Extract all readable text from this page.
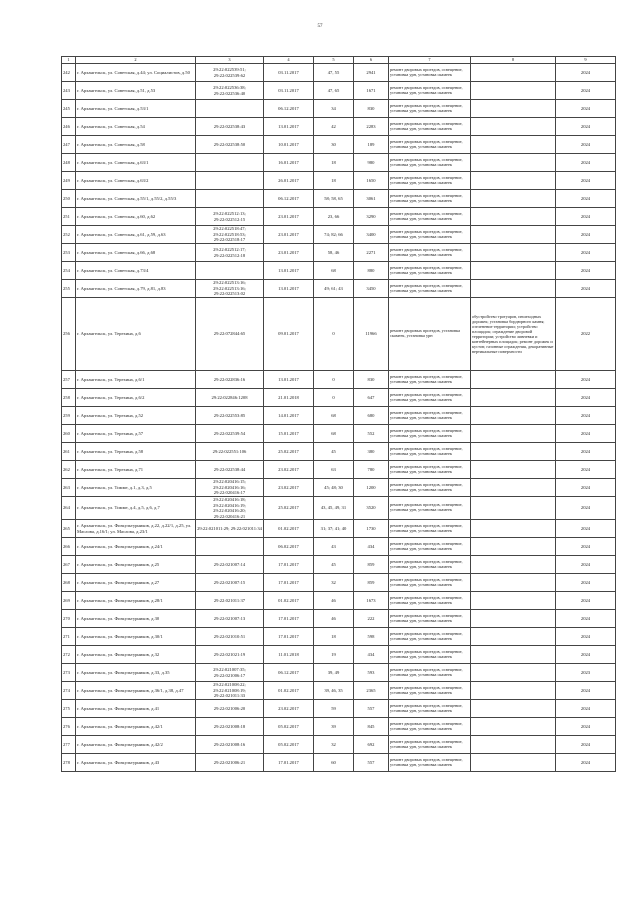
57
1	2	3	4	5	6	7	8	9
242	г. Архангельск, ул. Советская, д.44; ул. Социалистов, д.50	29:22:022539:51; 29:22:022539:62	03.11.2017	47, 55	2941	ремонт дворовых проездов, освещение, установка урн, установка скамеек		2024
243	г. Архангельск, ул. Советская, д.51, д.53	29:22:022536:38; 29:22:022536:40	03.11.2017	47, 65	1671	ремонт дворовых проездов, освещение, установка урн, установка скамеек		2024
245	г. Архангельск, ул. Советская, д.53/1		06.12.2017	34	830	ремонт дворовых проездов, освещение, установка урн, установка скамеек		2024
246	г. Архангельск, ул. Советская, д.54	29:22:022538:43	13.01.2017	42	2283	ремонт дворовых проездов, освещение, установка урн, установка скамеек		2024
247	г. Архангельск, ул. Советская, д.58	29:22:022538:50	10.01.2017	30	189	ремонт дворовых проездов, освещение, установка урн, установка скамеек		2024
248	г. Архангельск, ул. Советская, д.63/1		16.01.2017	18	980	ремонт дворовых проездов, освещение, установка урн, установка скамеек		2024
249	г. Архангельск, ул. Советская, д.63/2		26.01.2017	18	1650	ремонт дворовых проездов, освещение, установка урн, установка скамеек		2024
250	г. Архангельск, ул. Советская, д.55/1, д.55/2, д.55/3		06.12.2017	58; 58, 65	3061	ремонт дворовых проездов, освещение, установка урн, установка скамеек		2024
251	г. Архангельск, ул. Советская, д.60, д.62	29:22:022512:13; 29:22:022512:15	23.01.2017	23, 66	3290	ремонт дворовых проездов, освещение, установка урн, установка скамеек		2024
252	г. Архангельск, ул. Советская, д.61, д.59, д.63	29:22:022518:47; 29:22:022518:53; 29:22:022518:17	23.01.2017	74; 82; 66	3400	ремонт дворовых проездов, освещение, установка урн, установка скамеек		2024
253	г. Архангельск, ул. Советская, д.66, д.68	29:22:022512:17; 29:22:022512:18	23.01.2017	58, 46	2271	ремонт дворовых проездов, освещение, установка урн, установка скамеек		2024
254	г. Архангельск, ул. Советская, д.73/4		13.01.2017	68	880	ремонт дворовых проездов, освещение, установка урн, установка скамеек		2024
255	г. Архангельск, ул. Советская, д.79, д.81, д.83	29:22:022513:16; 29:22:022513:16; 29:22:022513:02	13.01.2017	49; 61; 43	3450	ремонт дворовых проездов, освещение, установка урн, установка скамеек		2024
256	г. Архангельск, ул. Терехина, д.6	29:22:072844:65	09.01.2017	0	11966	ремонт дворовых проездов, установка скамеек, установка урн	обустройство тротуаров, пешеходных дорожек; установка бордюрного камня; озеленение территории; устройство площадок; ограждение дворовой территории; устройство ливневки и контейнерных площадок; ремонт дорожек и кустов; газонные ограждения, декоративные вертикальные поверхности	2022
257	г. Архангельск, ул. Терехина, д.6/1	29:22:022836:16	13.01.2017	0	830	ремонт дворовых проездов, освещение, установка урн, установка скамеек		2024
258	г. Архангельск, ул. Терехина, д.6/2	29:22:022846:1208	21.01.2018	0	647	ремонт дворовых проездов, освещение, установка урн, установка скамеек		2024
259	г. Архангельск, ул. Терехина, д.52	29:22:022553:85	14.01.2017	68	680	ремонт дворовых проездов, освещение, установка урн, установка скамеек		2024
260	г. Архангельск, ул. Терехина, д.57	29:22:022539:54	15.01.2017	68	552	ремонт дворовых проездов, освещение, установка урн, установка скамеек		2024
261	г. Архангельск, ул. Терехина, д.58	29:22:022551:106	25.02.2017	45	380	ремонт дворовых проездов, освещение, установка урн, установка скамеек		2024
262	г. Архангельск, ул. Терехина, д.71	29:22:022538:44	23.02.2017	63	780	ремонт дворовых проездов, освещение, установка урн, установка скамеек		2024
263	г. Архангельск, ул. Тимме, д.1, д.3, д.5	29:22:020416:15; 29:22:020416:16; 29:22:020416:17	23.02.2017	45; 48; 30	1200	ремонт дворовых проездов, освещение, установка урн, установка скамеек		2024
264	г. Архангельск, ул. Тимме, д.4, д.5, д.6, д.7	29:22:020416:18; 29:22:020416:19; 29:22:020416:20; 29:22:020416:21	25.02.2017	43, 45, 49, 31	3520	ремонт дворовых проездов, освещение, установка урн, установка скамеек		2024
265	г. Архангельск, ул. Физкультурников, д.22, д.22/1, д.25, ул. Маслова, д.16/1; ул. Маслова, д.23/1	29:22:021011:29; 29:22:021011:34	01.02.2017	31; 37; 41; 40	1730	ремонт дворовых проездов, освещение, установка урн, установка скамеек		2024
266	г. Архангельск, ул. Физкультурников, д.24/1		06.02.2017	43	434	ремонт дворовых проездов, освещение, установка урн, установка скамеек		2024
267	г. Архангельск, ул. Физкультурников, д.25	29:22:021007:14	17.01.2017	45	859	ремонт дворовых проездов, освещение, установка урн, установка скамеек		2024
268	г. Архангельск, ул. Физкультурников, д.27	29:22:021007:15	17.01.2017	32	859	ремонт дворовых проездов, освещение, установка урн, установка скамеек		2024
269	г. Архангельск, ул. Физкультурников, д.28/1	29:22:021011:37	01.02.2017	46	1673	ремонт дворовых проездов, освещение, установка урн, установка скамеек		2024
270	г. Архангельск, ул. Физкультурников, д.30	29:22:021007:13	17.01.2017	46	222	ремонт дворовых проездов, освещение, установка урн, установка скамеек		2024
271	г. Архангельск, ул. Физкультурников, д.30/1	29:22:021010:51	17.01.2017	18	598	ремонт дворовых проездов, освещение, установка урн, установка скамеек		2024
272	г. Архангельск, ул. Физкультурников, д.32	29:22:021021:19	11.01.2018	19	434	ремонт дворовых проездов, освещение, установка урн, установка скамеек		2024
273	г. Архангельск, ул. Физкультурников, д.33, д.35	29:22:021007:35; 29:22:021006:17	06.12.2017	39, 49	593	ремонт дворовых проездов, освещение, установка урн, установка скамеек		2023
274	г. Архангельск, ул. Физкультурников, д.36/1, д.38, д.47	29:22:021008:22; 29:22:021008:19; 29:22:021011:33	01.02.2017	39, 46, 35	2365	ремонт дворовых проездов, освещение, установка урн, установка скамеек		2024
275	г. Архангельск, ул. Физкультурников, д.41	29:22:021006:20	23.02.2017	59	557	ремонт дворовых проездов, освещение, установка урн, установка скамеек		2024
276	г. Архангельск, ул. Физкультурников, д.42/1	29:22:021008:18	05.02.2017	39	845	ремонт дворовых проездов, освещение, установка урн, установка скамеек		2024
277	г. Архангельск, ул. Физкультурников, д.42/2	29:22:021008:16	05.02.2017	32	692	ремонт дворовых проездов, освещение, установка урн, установка скамеек		2024
278	г. Архангельск, ул. Физкультурников, д.43	29:22:021006:21	17.01.2017	60	557	ремонт дворовых проездов, освещение, установка урн, установка скамеек		2024
